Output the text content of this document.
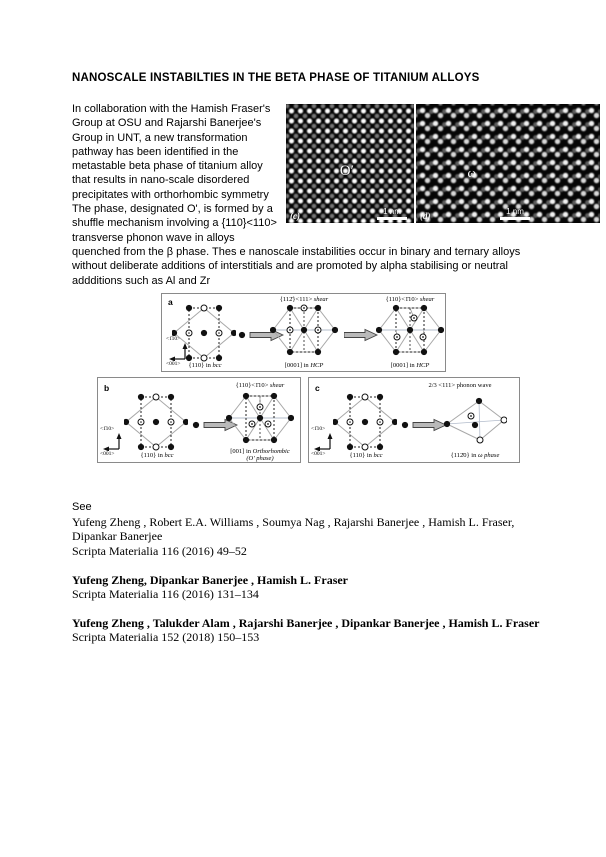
NANOSCALE INSTABILTIES IN THE BETA PHASE OF TITANIUM ALLOYS
O′
(c)	1 nm
ω
(d)	1 nm
In collaboration with the Hamish Fraser's Group at OSU and Rajarshi Banerjee's Group in UNT, a new transformation pathway has been identified in the metastable beta phase of titanium alloy that results in nano-scale disordered precipitates with orthorhombic symmetry The phase, designated O', is formed by a shuffle mechanism involving a {110}<110> transverse phonon wave in alloys quenched from the β phase. Thes e nanoscale instabilities occur in binary and ternary alloys without deliberate additions of interstitials and are promoted by alpha stabilising or neutral addditions such as Al and Zr
a
<1̄10>
<001>
{112̄}<111> shear	{110}<1̄10> shear
{110} in bcc	[0001] in HCP	[0001] in HCP
b
<1̄10>
<001>
{110}<1̄10> shear
{110} in bcc
[001] in Orthorhombic
(O′ phase)
c
<1̄10>
<001>
2/3 <111> phonon wave
{110} in bcc	{112̄0} in ω phase

See

Yufeng Zheng , Robert E.A. Williams , Soumya Nag , Rajarshi Banerjee , Hamish L. Fraser, Dipankar Banerjee

Scripta Materialia 116 (2016) 49–52

Yufeng Zheng, Dipankar Banerjee , Hamish L. Fraser

Scripta Materialia 116 (2016) 131–134

Yufeng Zheng , Talukder Alam , Rajarshi Banerjee , Dipankar Banerjee , Hamish L. Fraser

Scripta Materialia 152 (2018) 150–153
